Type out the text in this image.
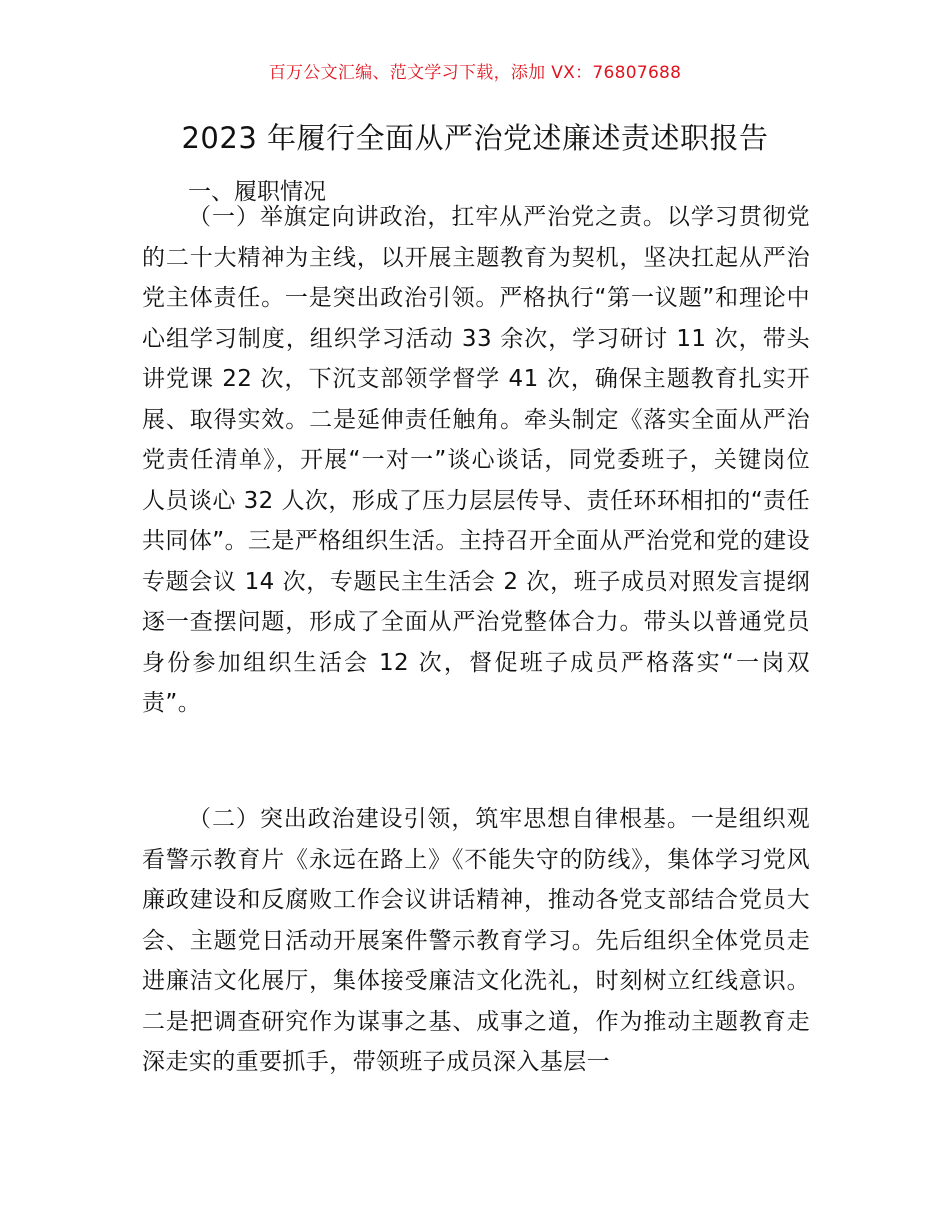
百万公文汇编、范文学习下载，添加 VX：76807688
2023 年履行全面从严治党述廉述责述职报告
一、履职情况
（一）举旗定向讲政治，扛牢从严治党之责。以学习贯彻党的二十大精神为主线，以开展主题教育为契机，坚决扛起从严治党主体责任。一是突出政治引领。严格执行“第一议题”和理论中心组学习制度，组织学习活动 33 余次，学习研讨 11 次，带头讲党课 22 次，下沉支部领学督学 41 次，确保主题教育扎实开展、取得实效。二是延伸责任触角。牵头制定《落实全面从严治党责任清单》，开展“一对一”谈心谈话，同党委班子，关键岗位人员谈心 32 人次，形成了压力层层传导、责任环环相扣的“责任共同体”。三是严格组织生活。主持召开全面从严治党和党的建设专题会议 14 次，专题民主生活会 2 次，班子成员对照发言提纲逐一查摆问题，形成了全面从严治党整体合力。带头以普通党员身份参加组织生活会 12 次，督促班子成员严格落实“一岗双责”。
（二）突出政治建设引领，筑牢思想自律根基。一是组织观看警示教育片《永远在路上》《不能失守的防线》，集体学习党风廉政建设和反腐败工作会议讲话精神，推动各党支部结合党员大会、主题党日活动开展案件警示教育学习。先后组织全体党员走进廉洁文化展厅，集体接受廉洁文化洗礼，时刻树立红线意识。二是把调查研究作为谋事之基、成事之道，作为推动主题教育走深走实的重要抓手，带领班子成员深入基层一
